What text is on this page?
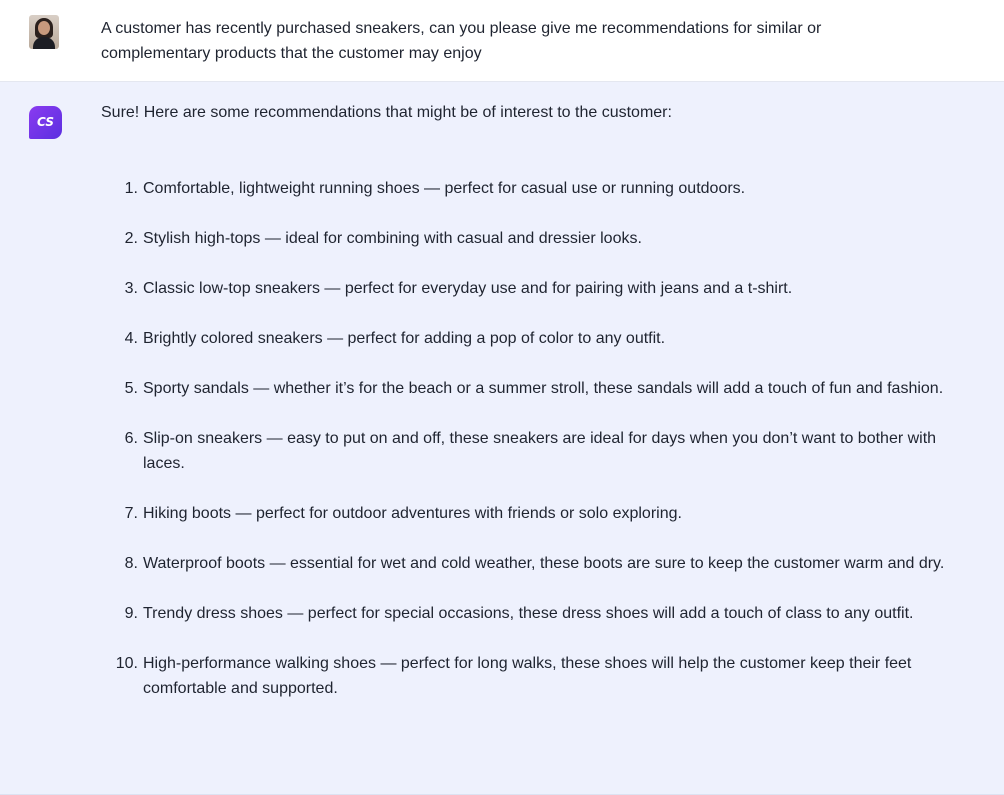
A customer has recently purchased sneakers, can you please give me recommendations for similar or complementary products that the customer may enjoy
CS
Sure! Here are some recommendations that might be of interest to the customer:
1. Comfortable, lightweight running shoes — perfect for casual use or running outdoors.
2. Stylish high-tops — ideal for combining with casual and dressier looks.
3. Classic low-top sneakers — perfect for everyday use and for pairing with jeans and a t-shirt.
4. Brightly colored sneakers — perfect for adding a pop of color to any outfit.
5. Sporty sandals — whether it’s for the beach or a summer stroll, these sandals will add a touch of fun and fashion.
6. Slip-on sneakers — easy to put on and off, these sneakers are ideal for days when you don’t want to bother with laces.
7. Hiking boots — perfect for outdoor adventures with friends or solo exploring.
8. Waterproof boots — essential for wet and cold weather, these boots are sure to keep the customer warm and dry.
9. Trendy dress shoes — perfect for special occasions, these dress shoes will add a touch of class to any outfit.
10. High-performance walking shoes — perfect for long walks, these shoes will help the customer keep their feet comfortable and supported.
